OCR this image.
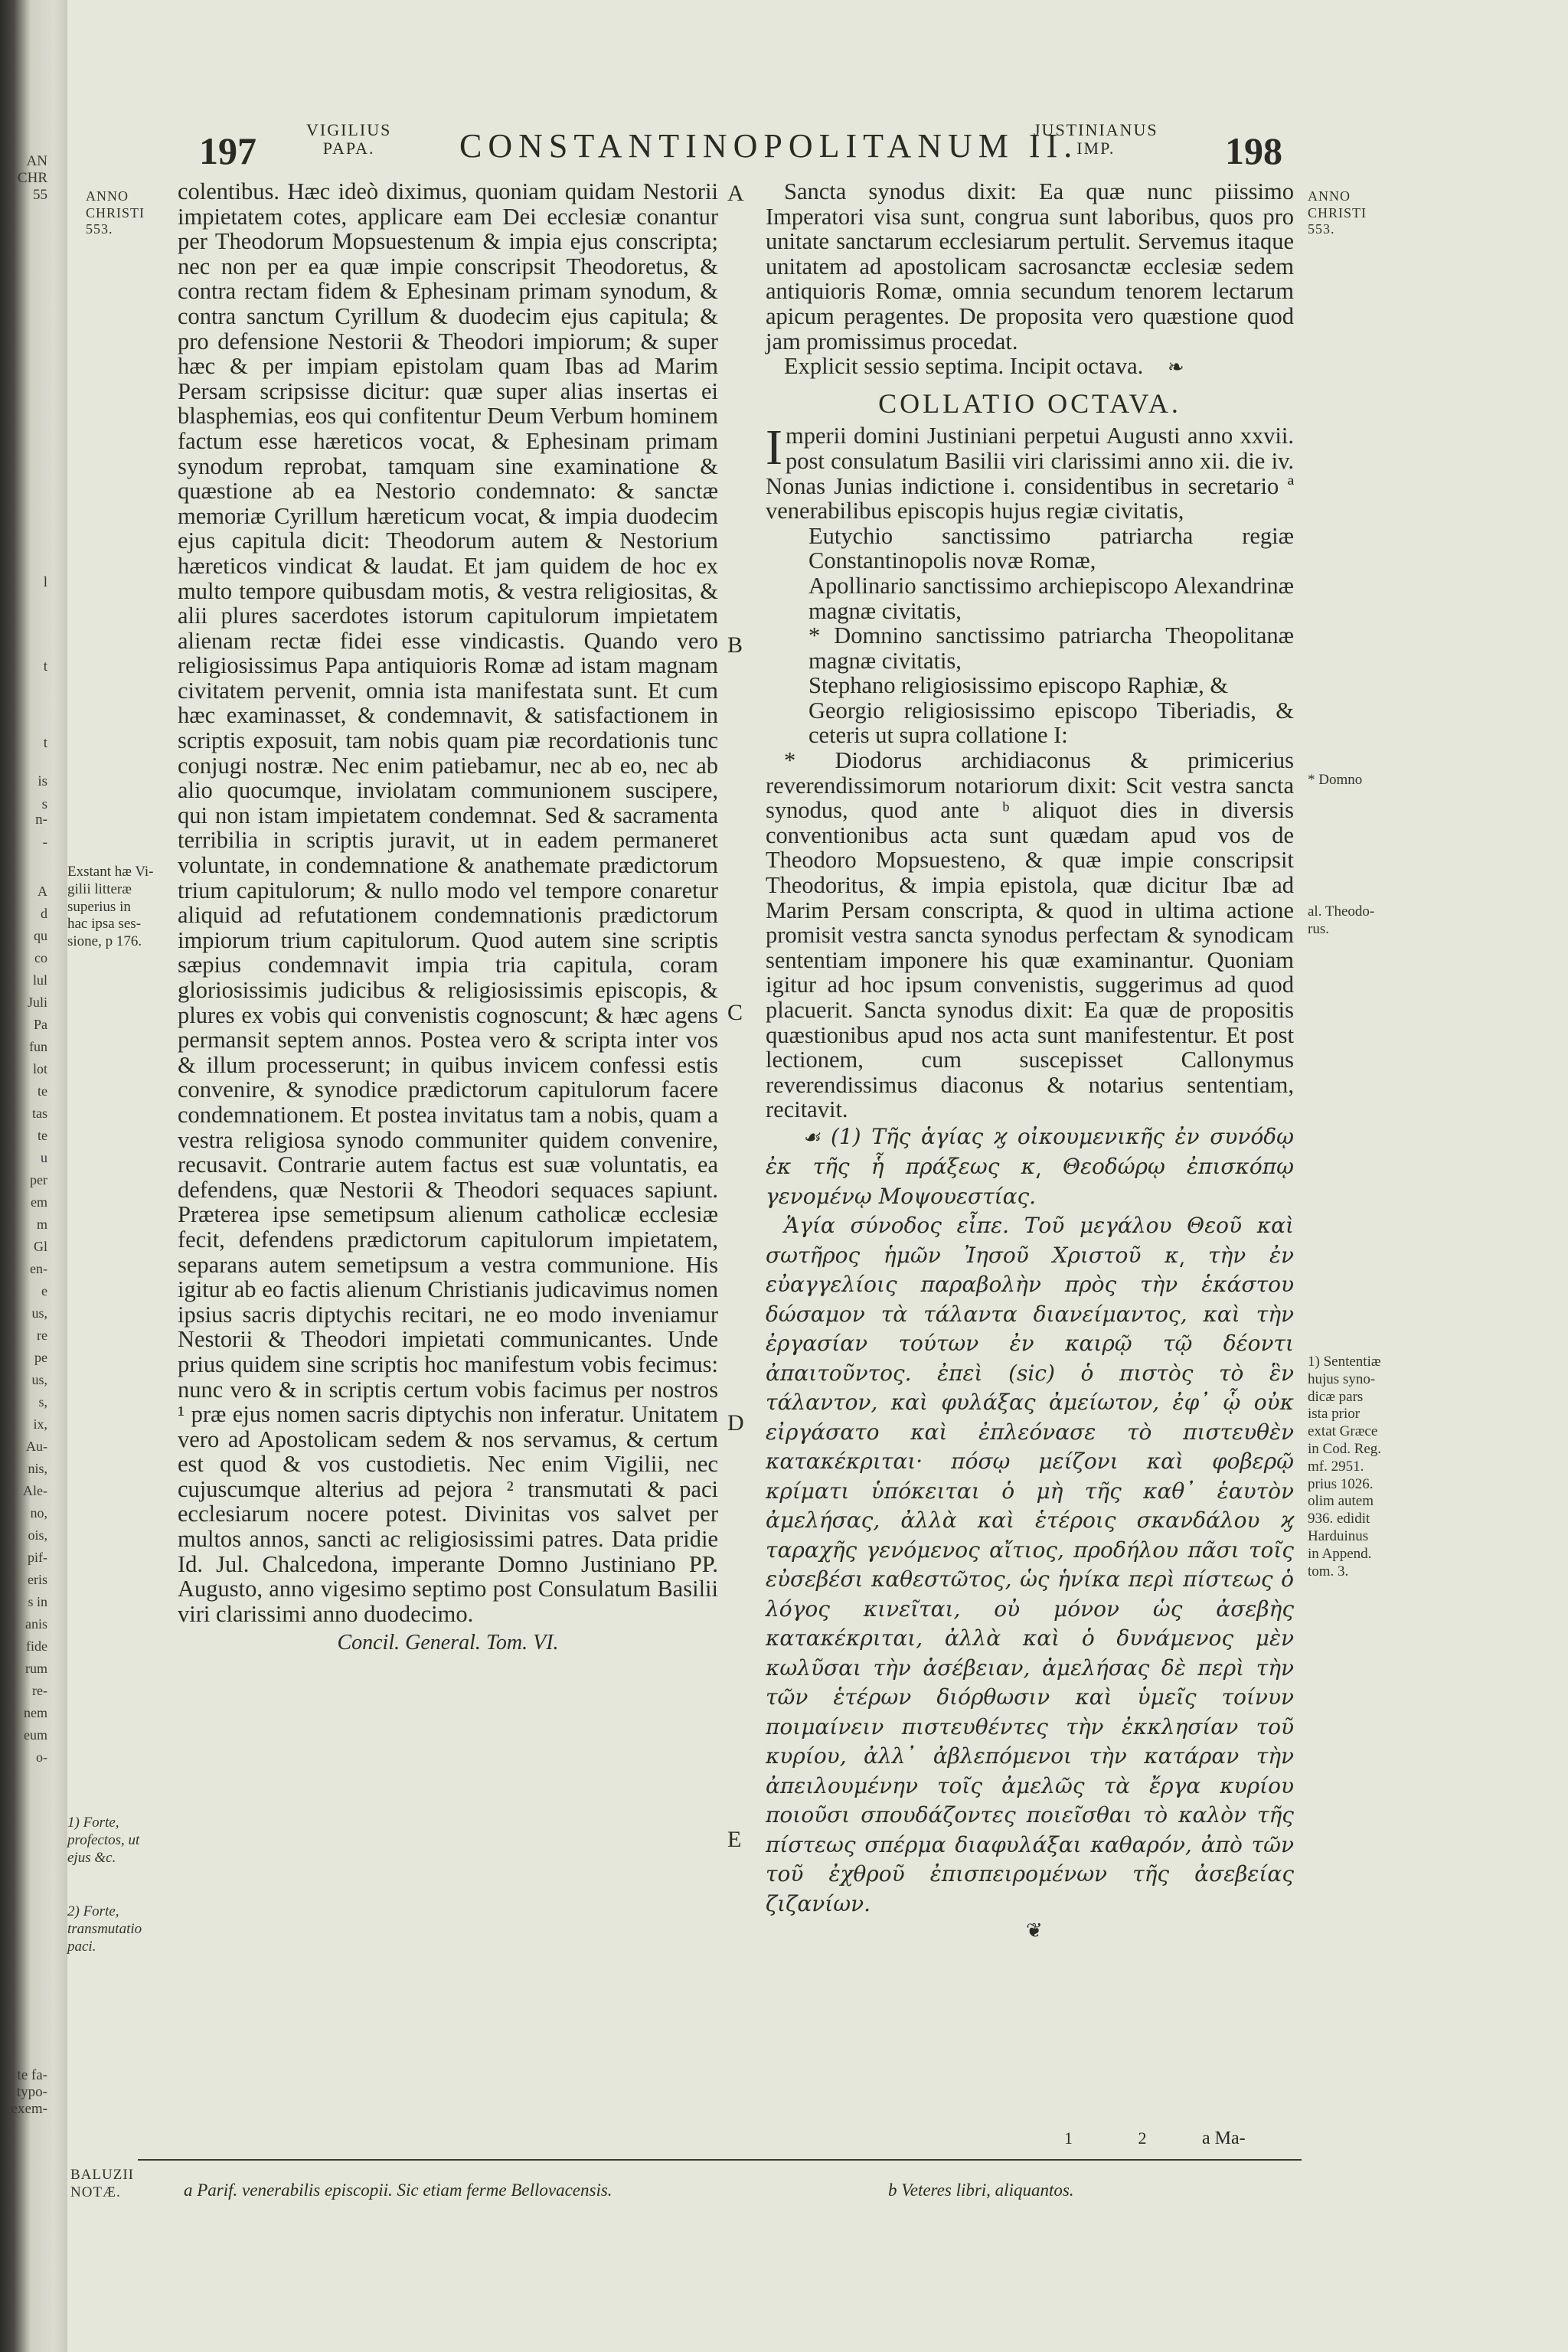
AN
CHR
55
l
t
t
is
s
n-
-
A
d
qu
co
lul
Juli
Pa
fun
lot
te
tas
te
u
per
em
m
Gl
en-
e
us,
re
pe
us,
s,
ix,
Au-
nis,
Ale-
no,
ois,
pif-
eris
s in
anis
fide
rum
re-
nem
eum
o-
te fa-
typo-
exem-
197	VIGILIUS
PAPA.	CONSTANTINOPOLITANUM II.
JUSTINIANUS
IMP.	198
ANNO
CHRISTI
553.
ANNO
CHRISTI
553.
Exstant hæ Vi-
gilii litteræ
superius in
hac ipsa ses-
sione, p 176.
1) Forte,
profectos, ut
ejus &c.
2) Forte,
transmutatio
paci.
* Domno
al. Theodo-
rus.
1) Sententiæ
hujus syno-
dicæ pars
ista prior
extat Græce
in Cod. Reg.
mf. 2951.
prius 1026.
olim autem
936. edidit
Harduinus
in Append.
tom. 3.
BALUZII
NOTÆ.
A
B
C
D
E

colentibus. Hæc ideò diximus, quoniam quidam Nestorii impietatem cotes, applicare eam Dei ecclesiæ conantur per Theodorum Mopsuestenum & impia ejus conscripta; nec non per ea quæ impie conscripsit Theodoretus, & contra rectam fidem & Ephesinam primam synodum, & contra sanctum Cyrillum & duodecim ejus capitula; & pro defensione Nestorii & Theodori impiorum; & super hæc & per impiam epistolam quam Ibas ad Marim Persam scripsisse dicitur: quæ super alias insertas ei blasphemias, eos qui confitentur Deum Verbum hominem factum esse hæreticos vocat, & Ephesinam primam synodum reprobat, tamquam sine examinatione & quæstione ab ea Nestorio condemnato: & sanctæ memoriæ Cyrillum hæreticum vocat, & impia duodecim ejus capitula dicit: Theodorum autem & Nestorium hæreticos vindicat & laudat. Et jam quidem de hoc ex multo tempore quibusdam motis, & vestra religiositas, & alii plures sacerdotes istorum capitulorum impietatem alienam rectæ fidei esse vindicastis. Quando vero religiosissimus Papa antiquioris Romæ ad istam magnam civitatem pervenit, omnia ista manifestata sunt. Et cum hæc examinasset, & condemnavit, & satisfactionem in scriptis exposuit, tam nobis quam piæ recordationis tunc conjugi nostræ. Nec enim patiebamur, nec ab eo, nec ab alio quocumque, inviolatam communionem suscipere, qui non istam impietatem condemnat. Sed & sacramenta terribilia in scriptis juravit, ut in eadem permaneret voluntate, in condemnatione & anathemate prædictorum trium capitulorum; & nullo modo vel tempore conaretur aliquid ad refutationem condemnationis prædictorum impiorum trium capitulorum. Quod autem sine scriptis sæpius condemnavit impia tria capitula, coram gloriosissimis judicibus & religiosissimis episcopis, & plures ex vobis qui convenistis cognoscunt; & hæc agens permansit septem annos. Postea vero & scripta inter vos & illum processerunt; in quibus invicem confessi estis convenire, & synodice prædictorum capitulorum facere condemnationem. Et postea invitatus tam a nobis, quam a vestra religiosa synodo communiter quidem convenire, recusavit. Contrarie autem factus est suæ voluntatis, ea defendens, quæ Nestorii & Theodori sequaces sapiunt. Præterea ipse semetipsum alienum catholicæ ecclesiæ fecit, defendens prædictorum capitulorum impietatem, separans autem semetipsum a vestra communione. His igitur ab eo factis alienum Christianis judicavimus nomen ipsius sacris diptychis recitari, ne eo modo inveniamur Nestorii & Theodori impietati communicantes. Unde prius quidem sine scriptis hoc manifestum vobis fecimus: nunc vero & in scriptis certum vobis facimus per nostros ¹ præ ejus nomen sacris diptychis non inferatur. Unitatem vero ad Apostolicam sedem & nos servamus, & certum est quod & vos custodietis. Nec enim Vigilii, nec cujuscumque alterius ad pejora ² transmutati & paci ecclesiarum nocere potest. Divinitas vos salvet per multos annos, sancti ac religiosissimi patres. Data pridie Id. Jul. Chalcedona, imperante Domno Justiniano PP. Augusto, anno vigesimo septimo post Consulatum Basilii viri clarissimi anno duodecimo.

Concil. General. Tom. VI.

Sancta synodus dixit: Ea quæ nunc piissimo Imperatori visa sunt, congrua sunt laboribus, quos pro unitate sanctarum ecclesiarum pertulit. Servemus itaque unitatem ad apostolicam sacrosanctæ ecclesiæ sedem antiquioris Romæ, omnia secundum tenorem lectarum apicum peragentes. De proposita vero quæstione quod jam promissimus procedat.

Explicit sessio septima. Incipit octava. ❧

COLLATIO OCTAVA.

I mperii domini Justiniani perpetui Augusti anno xxvii. post consulatum Basilii viri clarissimi anno xii. die iv. Nonas Junias indictione i. considentibus in secretario ª venerabilibus episcopis hujus regiæ civitatis,

Eutychio sanctissimo patriarcha regiæ Constantinopolis novæ Romæ,

Apollinario sanctissimo archiepiscopo Alexandrinæ magnæ civitatis,

* Domnino sanctissimo patriarcha Theopolitanæ magnæ civitatis,

Stephano religiosissimo episcopo Raphiæ, &

Georgio religiosissimo episcopo Tiberiadis, & ceteris ut supra collatione I:

* Diodorus archidiaconus & primicerius reverendissimorum notariorum dixit: Scit vestra sancta synodus, quod ante ᵇ aliquot dies in diversis conventionibus acta sunt quædam apud vos de Theodoro Mopsuesteno, & quæ impie conscripsit Theodoritus, & impia epistola, quæ dicitur Ibæ ad Marim Persam conscripta, & quod in ultima actione promisit vestra sancta synodus perfectam & synodicam sententiam imponere his quæ examinantur. Quoniam igitur ad hoc ipsum convenistis, suggerimus ad quod placuerit. Sancta synodus dixit: Ea quæ de propositis quæstionibus apud nos acta sunt manifestentur. Et post lectionem, cum suscepisset Callonymus reverendissimus diaconus & notarius sententiam, recitavit.

☙ (1) Τῆς ἁγίας ϗ οἰκουμενικῆς ἐν συνόδῳ ἐκ τῆς ἧ πράξεως κ͵ Θεοδώρῳ ἐπισκόπῳ γενομένῳ Μοψουεστίας.

Ἁγία σύνοδος εἶπε. Τοῦ μεγάλου Θεοῦ καὶ σωτῆρος ἡμῶν Ἰησοῦ Χριστοῦ κ͵ τὴν ἐν εὐαγγελίοις παραβολὴν πρὸς τὴν ἑκάστου δώσαμον τὰ τάλαντα διανείμαντος, καὶ τὴν ἐργασίαν τούτων ἐν καιρῷ τῷ δέοντι ἀπαιτοῦντος. ἐπεὶ (sic) ὁ πιστὸς τὸ ἓν τάλαντον, καὶ φυλάξας ἀμείωτον, ἐφ᾽ ᾧ οὐκ εἰργάσατο καὶ ἐπλεόνασε τὸ πιστευθὲν κατακέκριται· πόσῳ μείζονι καὶ φοβερῷ κρίματι ὑπόκειται ὁ μὴ τῆς καθ᾽ ἑαυτὸν ἀμελήσας, ἀλλὰ καὶ ἑτέροις σκανδάλου ϗ ταραχῆς γενόμενος αἴτιος, προδήλου πᾶσι τοῖς εὐσεβέσι καθεστῶτος, ὡς ἡνίκα περὶ πίστεως ὁ λόγος κινεῖται, οὐ μόνον ὡς ἀσεβὴς κατακέκριται, ἀλλὰ καὶ ὁ δυνάμενος μὲν κωλῦσαι τὴν ἀσέβειαν, ἀμελήσας δὲ περὶ τὴν τῶν ἑτέρων διόρθωσιν καὶ ὑμεῖς τοίνυν ποιμαίνειν πιστευθέντες τὴν ἐκκλησίαν τοῦ κυρίου, ἀλλ᾽ ἀβλεπόμενοι τὴν κατάραν τὴν ἀπειλουμένην τοῖς ἀμελῶς τὰ ἔργα κυρίου ποιοῦσι σπουδάζοντες ποιεῖσθαι τὸ καλὸν τῆς πίστεως σπέρμα διαφυλάξαι καθαρόν, ἀπὸ τῶν τοῦ ἐχθροῦ ἐπισπειρομένων τῆς ἀσεβείας ζιζανίων.

❦
1 2 a Ma-
a Parif. venerabilis episcopii. Sic etiam ferme Bellovacensis.	b Veteres libri, aliquantos.
